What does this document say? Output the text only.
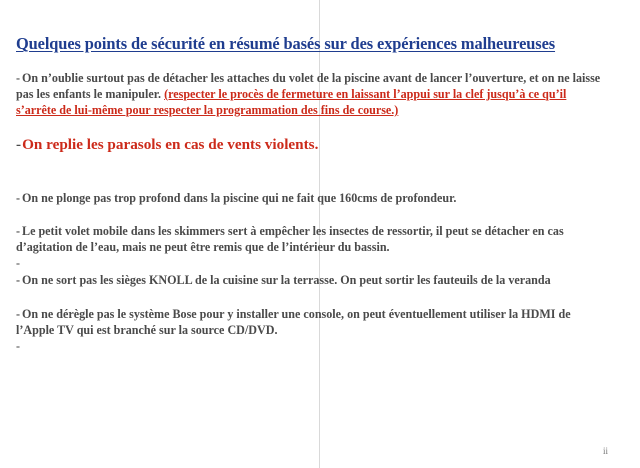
Quelques points de sécurité en résumé basés sur des expériences malheureuses
- On n’oublie surtout pas de détacher les attaches du volet de la piscine avant de lancer l’ouverture, et on ne laisse pas les enfants le manipuler. (respecter le procès de fermeture en laissant l’appui sur la clef jusqu’à ce qu’il s’arrête de lui-même pour respecter la programmation des fins de course.)
-On replie les parasols en cas de vents violents.
- On ne plonge pas trop profond dans la piscine qui ne fait que 160cms de profondeur.
- Le petit volet mobile dans les skimmers sert à empêcher les insectes de ressortir, il peut se détacher en cas d’agitation de l’eau, mais ne peut être remis que de l’intérieur du bassin.
-
- On ne sort pas les sièges KNOLL de la cuisine sur la terrasse. On peut sortir les fauteuils de la veranda
- On ne dérègle pas le système Bose pour y installer une console, on peut éventuellement utiliser la HDMI de l’Apple TV qui est branché sur la source CD/DVD.
-
ii
